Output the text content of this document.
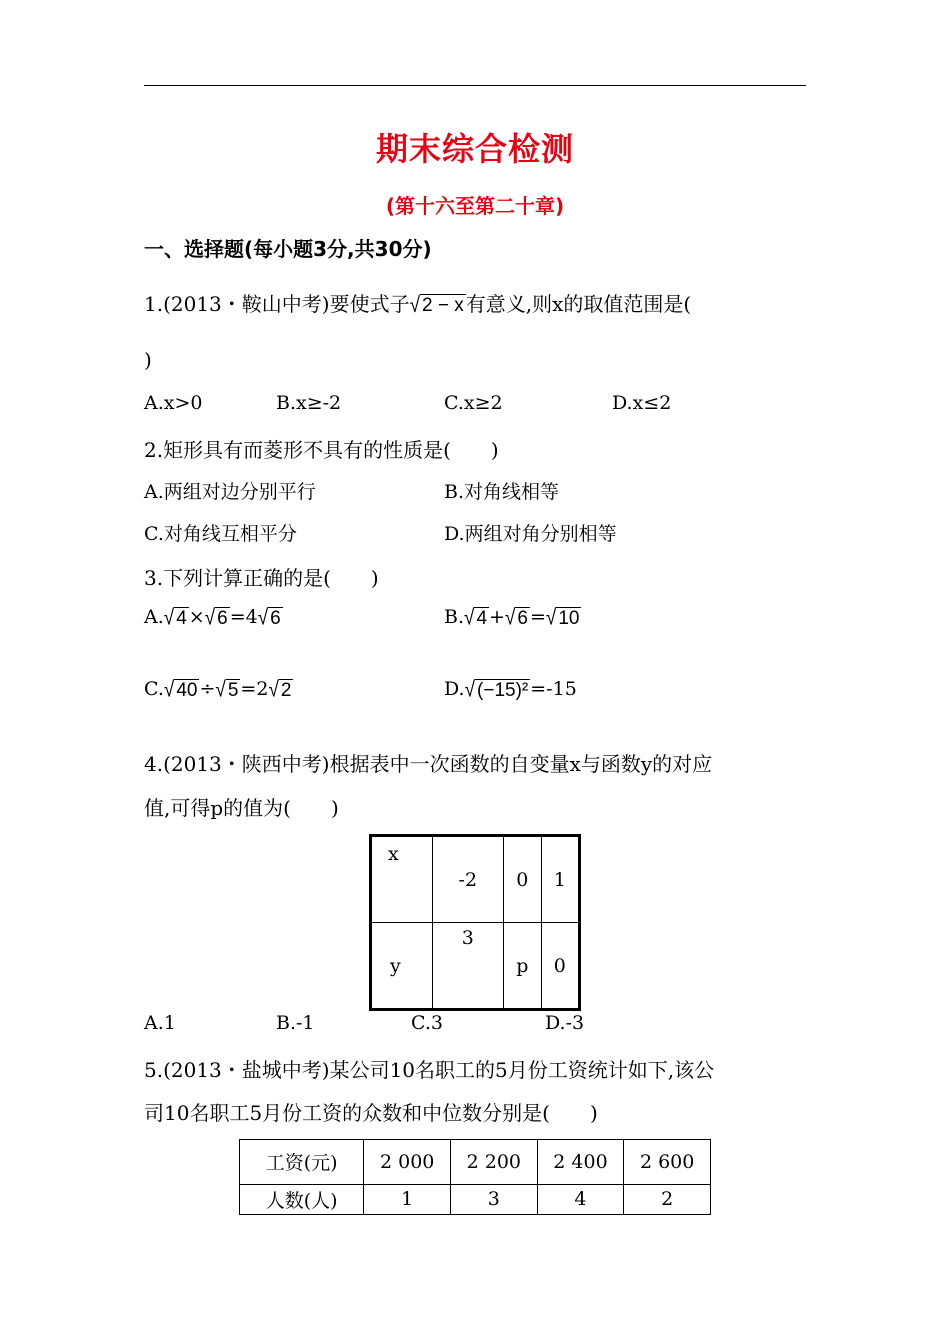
期末综合检测
(第十六至第二十章)
一、选择题(每小题3分,共30分)
1.(2013・鞍山中考)要使式子√ 2 − x 有意义,则x的取值范围是(
)
A.x>0	B.x≥-2	C.x≥2	D.x≤2
2.矩形具有而菱形不具有的性质是(　　)
A.两组对边分别平行	B.对角线相等
C.对角线互相平分	D.两组对角分别相等
3.下列计算正确的是(　　)
A.√ 4 ×√ 6 =4√ 6	B.√ 4 +√ 6 =√ 10
C.√ 40 ÷√ 5 =2√ 2	D.√ (−15)² =-15
4.(2013・陕西中考)根据表中一次函数的自变量x与函数y的对应
值,可得p的值为(　　)
x	-2	0	1
y	3	p	0
A.1	B.-1	C.3	D.-3
5.(2013・盐城中考)某公司10名职工的5月份工资统计如下,该公
司10名职工5月份工资的众数和中位数分别是(　　)
工资(元)	2 000	2 200	2 400	2 600
人数(人)	1	3	4	2
